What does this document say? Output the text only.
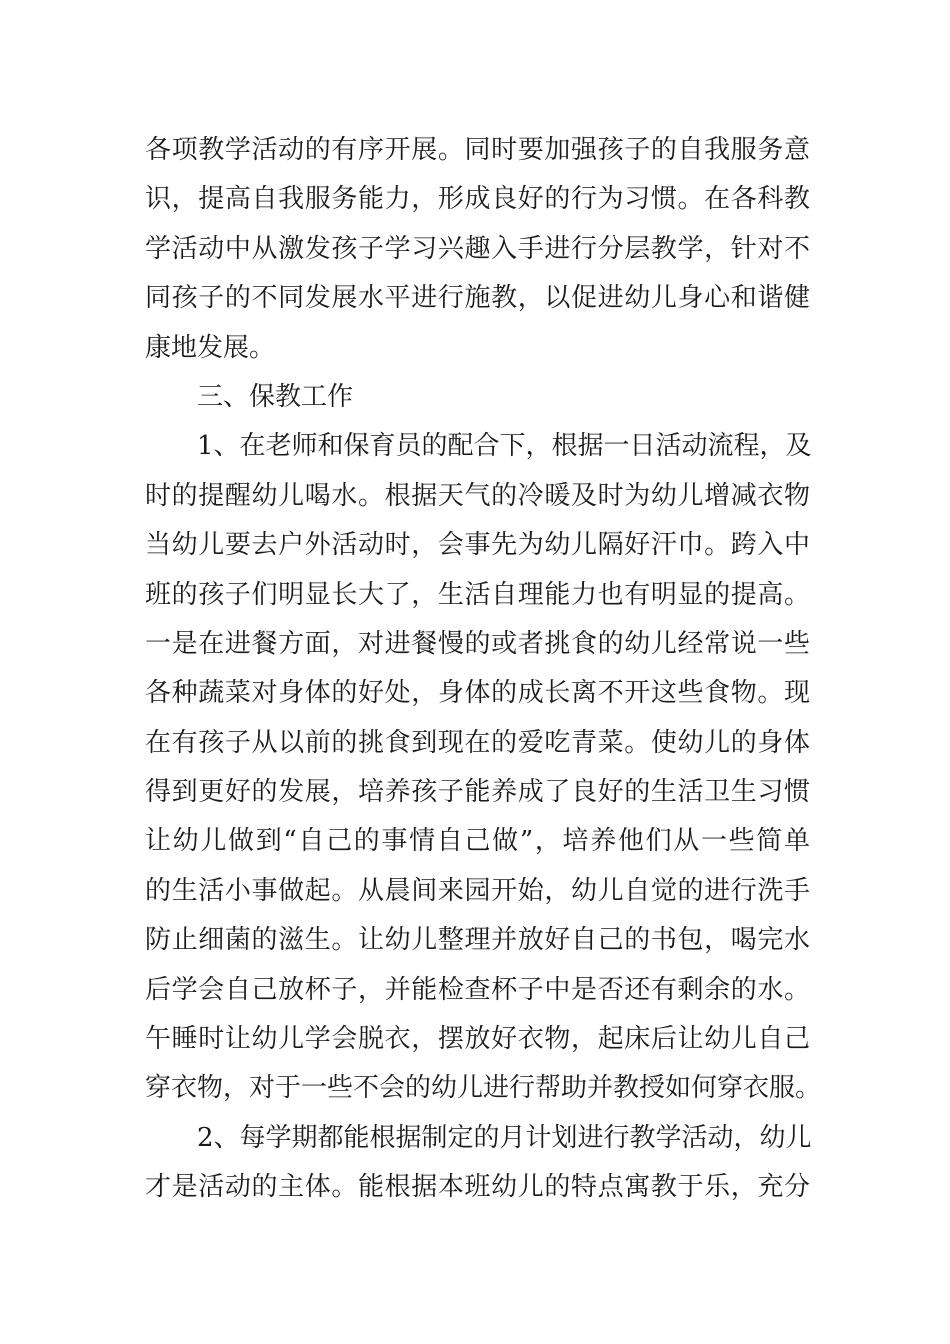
各项教学活动的有序开展。同时要加强孩子的自我服务意
识，提高自我服务能力，形成良好的行为习惯。在各科教
学活动中从激发孩子学习兴趣入手进行分层教学，针对不
同孩子的不同发展水平进行施教，以促进幼儿身心和谐健
康地发展。
三、保教工作
1、在老师和保育员的配合下，根据一日活动流程，及
时的提醒幼儿喝水。根据天气的冷暖及时为幼儿增减衣物
当幼儿要去户外活动时，会事先为幼儿隔好汗巾。跨入中
班的孩子们明显长大了，生活自理能力也有明显的提高。
一是在进餐方面，对进餐慢的或者挑食的幼儿经常说一些
各种蔬菜对身体的好处，身体的成长离不开这些食物。现
在有孩子从以前的挑食到现在的爱吃青菜。使幼儿的身体
得到更好的发展，培养孩子能养成了良好的生活卫生习惯
让幼儿做到“自己的事情自己做”，培养他们从一些简单
的生活小事做起。从晨间来园开始，幼儿自觉的进行洗手
防止细菌的滋生。让幼儿整理并放好自己的书包，喝完水
后学会自己放杯子，并能检查杯子中是否还有剩余的水。
午睡时让幼儿学会脱衣，摆放好衣物，起床后让幼儿自己
穿衣物，对于一些不会的幼儿进行帮助并教授如何穿衣服。
2、每学期都能根据制定的月计划进行教学活动，幼儿
才是活动的主体。能根据本班幼儿的特点寓教于乐，充分
